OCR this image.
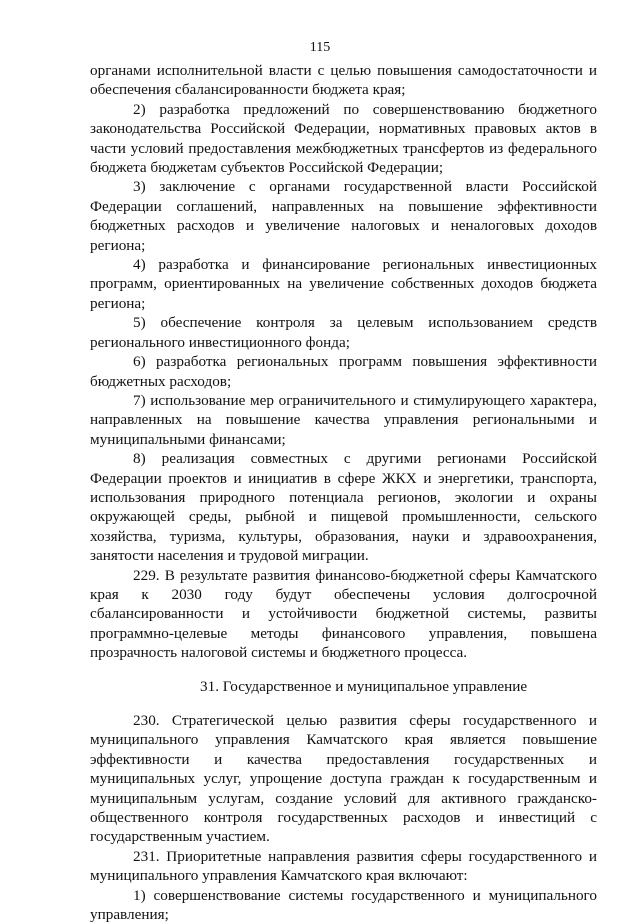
115

органами исполнительной власти с целью повышения самодостаточности и обеспечения сбалансированности бюджета края;

2) разработка предложений по совершенствованию бюджетного законодательства Российской Федерации, нормативных правовых актов в части условий предоставления межбюджетных трансфертов из федерального бюджета бюджетам субъектов Российской Федерации;

3) заключение с органами государственной власти Российской Федерации соглашений, направленных на повышение эффективности бюджетных расходов и увеличение налоговых и неналоговых доходов региона;

4) разработка и финансирование региональных инвестиционных программ, ориентированных на увеличение собственных доходов бюджета региона;

5) обеспечение контроля за целевым использованием средств регионального инвестиционного фонда;

6) разработка региональных программ повышения эффективности бюджетных расходов;

7) использование мер ограничительного и стимулирующего характера, направленных на повышение качества управления региональными и муниципальными финансами;

8) реализация совместных с другими регионами Российской Федерации проектов и инициатив в сфере ЖКХ и энергетики, транспорта, использования природного потенциала регионов, экологии и охраны окружающей среды, рыбной и пищевой промышленности, сельского хозяйства, туризма, культуры, образования, науки и здравоохранения, занятости населения и трудовой миграции.

229. В результате развития финансово-бюджетной сферы Камчатского края к 2030 году будут обеспечены условия долгосрочной сбалансированности и устойчивости бюджетной системы, развиты программно-целевые методы финансового управления, повышена прозрачность налоговой системы и бюджетного процесса.

31. Государственное и муниципальное управление

230. Стратегической целью развития сферы государственного и муниципального управления Камчатского края является повышение эффективности и качества предоставления государственных и муниципальных услуг, упрощение доступа граждан к государственным и муниципальным услугам, создание условий для активного гражданско-общественного контроля государственных расходов и инвестиций с государственным участием.

231. Приоритетные направления развития сферы государственного и муниципального управления Камчатского края включают:

1) совершенствование системы государственного и муниципального управления;
